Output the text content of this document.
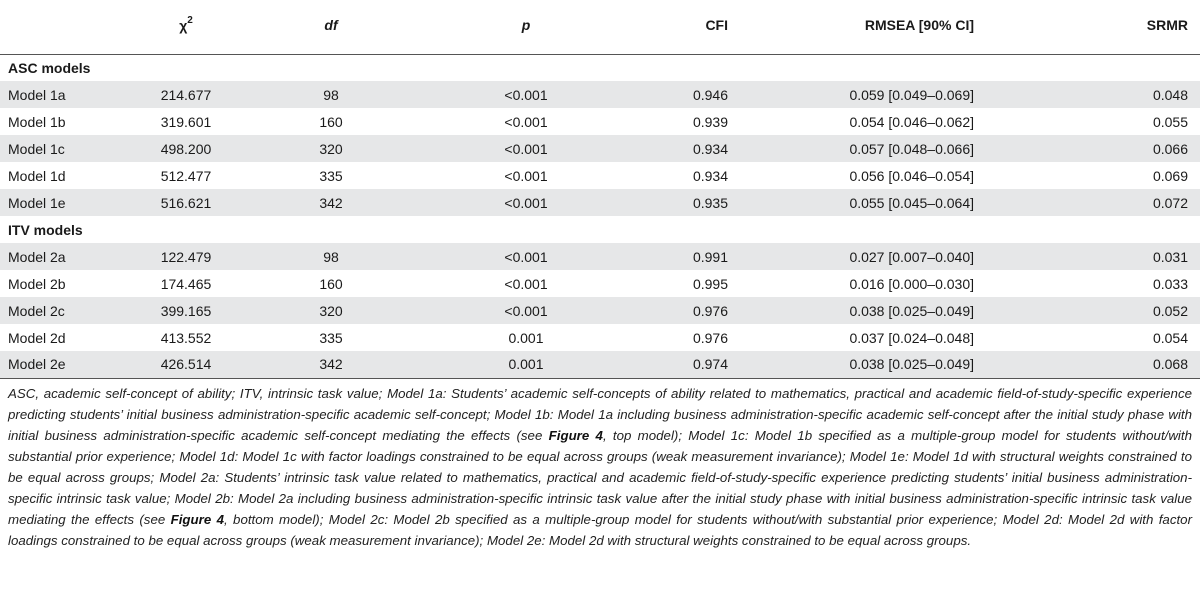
	$\chi^2$	df	p	CFI	RMSEA [90% CI]	SRMR
ASC models						
Model 1a	214.677	98	<0.001	0.946	0.059 [0.049–0.069]	0.048
Model 1b	319.601	160	<0.001	0.939	0.054 [0.046–0.062]	0.055
Model 1c	498.200	320	<0.001	0.934	0.057 [0.048–0.066]	0.066
Model 1d	512.477	335	<0.001	0.934	0.056 [0.046–0.054]	0.069
Model 1e	516.621	342	<0.001	0.935	0.055 [0.045–0.064]	0.072
ITV models						
Model 2a	122.479	98	<0.001	0.991	0.027 [0.007–0.040]	0.031
Model 2b	174.465	160	<0.001	0.995	0.016 [0.000–0.030]	0.033
Model 2c	399.165	320	<0.001	0.976	0.038 [0.025–0.049]	0.052
Model 2d	413.552	335	0.001	0.976	0.037 [0.024–0.048]	0.054
Model 2e	426.514	342	0.001	0.974	0.038 [0.025–0.049]	0.068
ASC, academic self-concept of ability; ITV, intrinsic task value; Model 1a: Students’ academic self-concepts of ability related to mathematics, practical and academic field-of-study-specific experience predicting students’ initial business administration-specific academic self-concept; Model 1b: Model 1a including business administration-specific academic self-concept after the initial study phase with initial business administration-specific academic self-concept mediating the effects (see Figure 4, top model); Model 1c: Model 1b specified as a multiple-group model for students without/with substantial prior experience; Model 1d: Model 1c with factor loadings constrained to be equal across groups (weak measurement invariance); Model 1e: Model 1d with structural weights constrained to be equal across groups; Model 2a: Students’ intrinsic task value related to mathematics, practical and academic field-of-study-specific experience predicting students’ initial business administration-specific intrinsic task value; Model 2b: Model 2a including business administration-specific intrinsic task value after the initial study phase with initial business administration-specific intrinsic task value mediating the effects (see Figure 4, bottom model); Model 2c: Model 2b specified as a multiple-group model for students without/with substantial prior experience; Model 2d: Model 2d with factor loadings constrained to be equal across groups (weak measurement invariance); Model 2e: Model 2d with structural weights constrained to be equal across groups.
